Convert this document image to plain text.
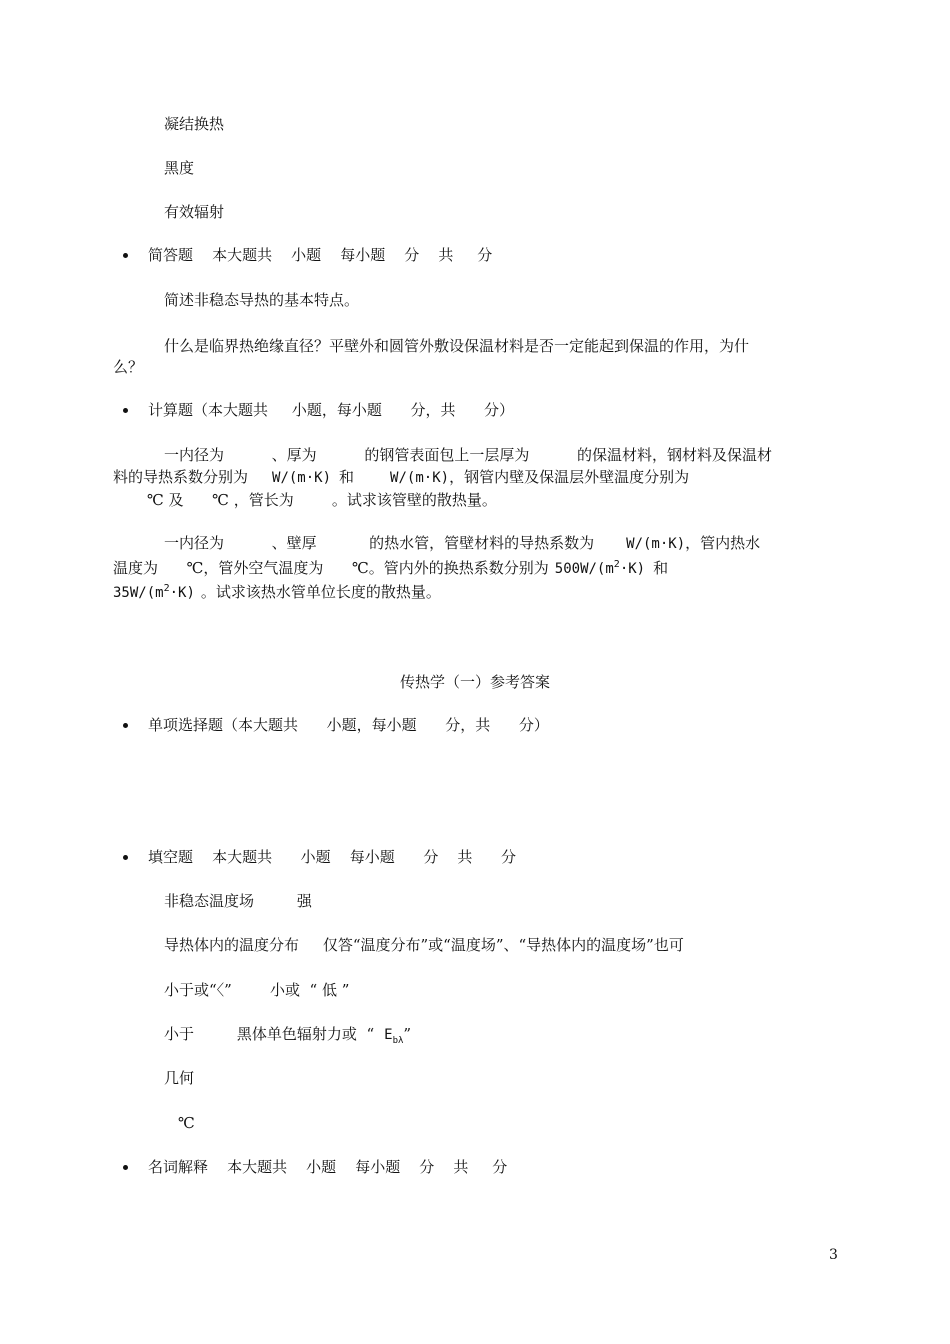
凝结换热
黑度
有效辐射
简答题    本大题共    小题    每小题    分    共     分
简述非稳态导热的基本特点。
什么是临界热绝缘直径？平壁外和圆管外敷设保温材料是否一定能起到保温的作用，为什
么？
计算题（本大题共     小题，每小题      分，共      分）
一内径为          、厚为          的钢管表面包上一层厚为          的保温材料，钢材料及保温材
料的导热系数分别为 W/(m·K) 和	W/(m·K)，钢管内壁及保温层外壁温度分别为
℃ 及      ℃ ，管长为        。试求该管壁的散热量。
一内径为          、壁厚           的热水管，管壁材料的导热系数为 W/(m·K)，管内热水
温度为      ℃，管外空气温度为      ℃。管内外的换热系数分别为 $500W/(m^2\cdot K)$ 和
$35W/(m^2\cdot K)$ 。试求该热水管单位长度的散热量。
传热学（一）参考答案
单项选择题（本大题共      小题，每小题      分，共      分）
填空题    本大题共      小题    每小题      分    共      分
非稳态温度场         强
导热体内的温度分布     仅答“温度分布”或“温度场”、“导热体内的温度场”也可
小于或“〈”        小或  “ 低 ”
小于         黑体单色辐射力或  “ $E_{b\lambda}$”
几何
℃
名词解释    本大题共    小题    每小题    分    共     分
3
